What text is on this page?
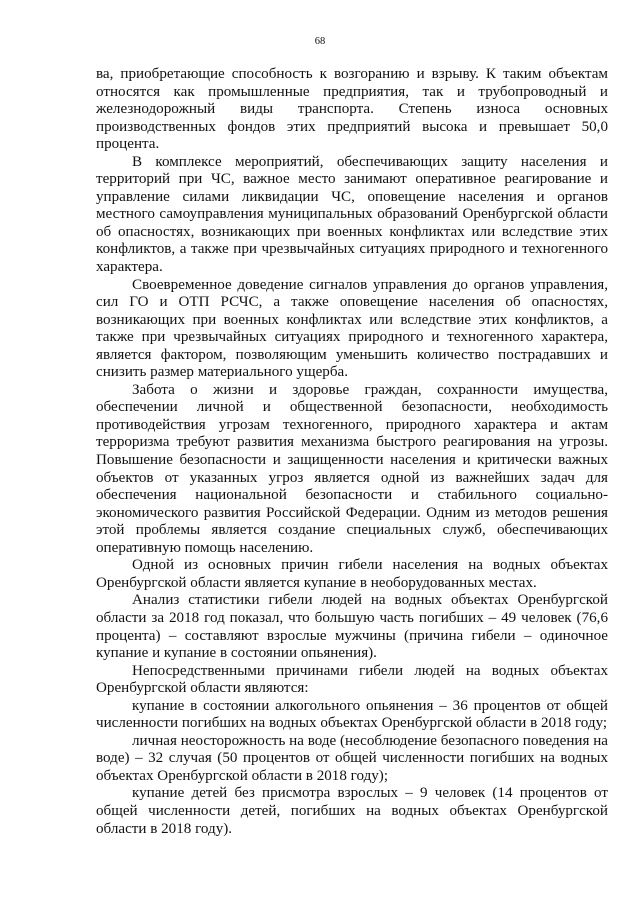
68

ва, приобретающие способность к возгоранию и взрыву. К таким объектам относятся как промышленные предприятия, так и трубопроводный и железнодорожный виды транспорта. Степень износа основных производственных фондов этих предприятий высока и превышает 50,0 процента.

В комплексе мероприятий, обеспечивающих защиту населения и территорий при ЧС, важное место занимают оперативное реагирование и управление силами ликвидации ЧС, оповещение населения и органов местного самоуправления муниципальных образований Оренбургской области об опасностях, возникающих при военных конфликтах или вследствие этих конфликтов, а также при чрезвычайных ситуациях природного и техногенного характера.

Своевременное доведение сигналов управления до органов управления, сил ГО и ОТП РСЧС, а также оповещение населения об опасностях, возникающих при военных конфликтах или вследствие этих конфликтов, а также при чрезвычайных ситуациях природного и техногенного характера, является фактором, позволяющим уменьшить количество пострадавших и снизить размер материального ущерба.

Забота о жизни и здоровье граждан, сохранности имущества, обеспечении личной и общественной безопасности, необходимость противодействия угрозам техногенного, природного характера и актам терроризма требуют развития механизма быстрого реагирования на угрозы. Повышение безопасности и защищенности населения и критически важных объектов от указанных угроз является одной из важнейших задач для обеспечения национальной безопасности и стабильного социально-экономического развития Российской Федерации. Одним из методов решения этой проблемы является создание специальных служб, обеспечивающих оперативную помощь населению.

Одной из основных причин гибели населения на водных объектах Оренбургской области является купание в необорудованных местах.

Анализ статистики гибели людей на водных объектах Оренбургской области за 2018 год показал, что большую часть погибших – 49 человек (76,6 процента) – составляют взрослые мужчины (причина гибели – одиночное купание и купание в состоянии опьянения).

Непосредственными причинами гибели людей на водных объектах Оренбургской области являются:

купание в состоянии алкогольного опьянения – 36 процентов от общей численности погибших на водных объектах Оренбургской области в 2018 году;

личная неосторожность на воде (несоблюдение безопасного поведения на воде) – 32 случая (50 процентов от общей численности погибших на водных объектах Оренбургской области в 2018 году);

купание детей без присмотра взрослых – 9 человек (14 процентов от общей численности детей, погибших на водных объектах Оренбургской области в 2018 году).
